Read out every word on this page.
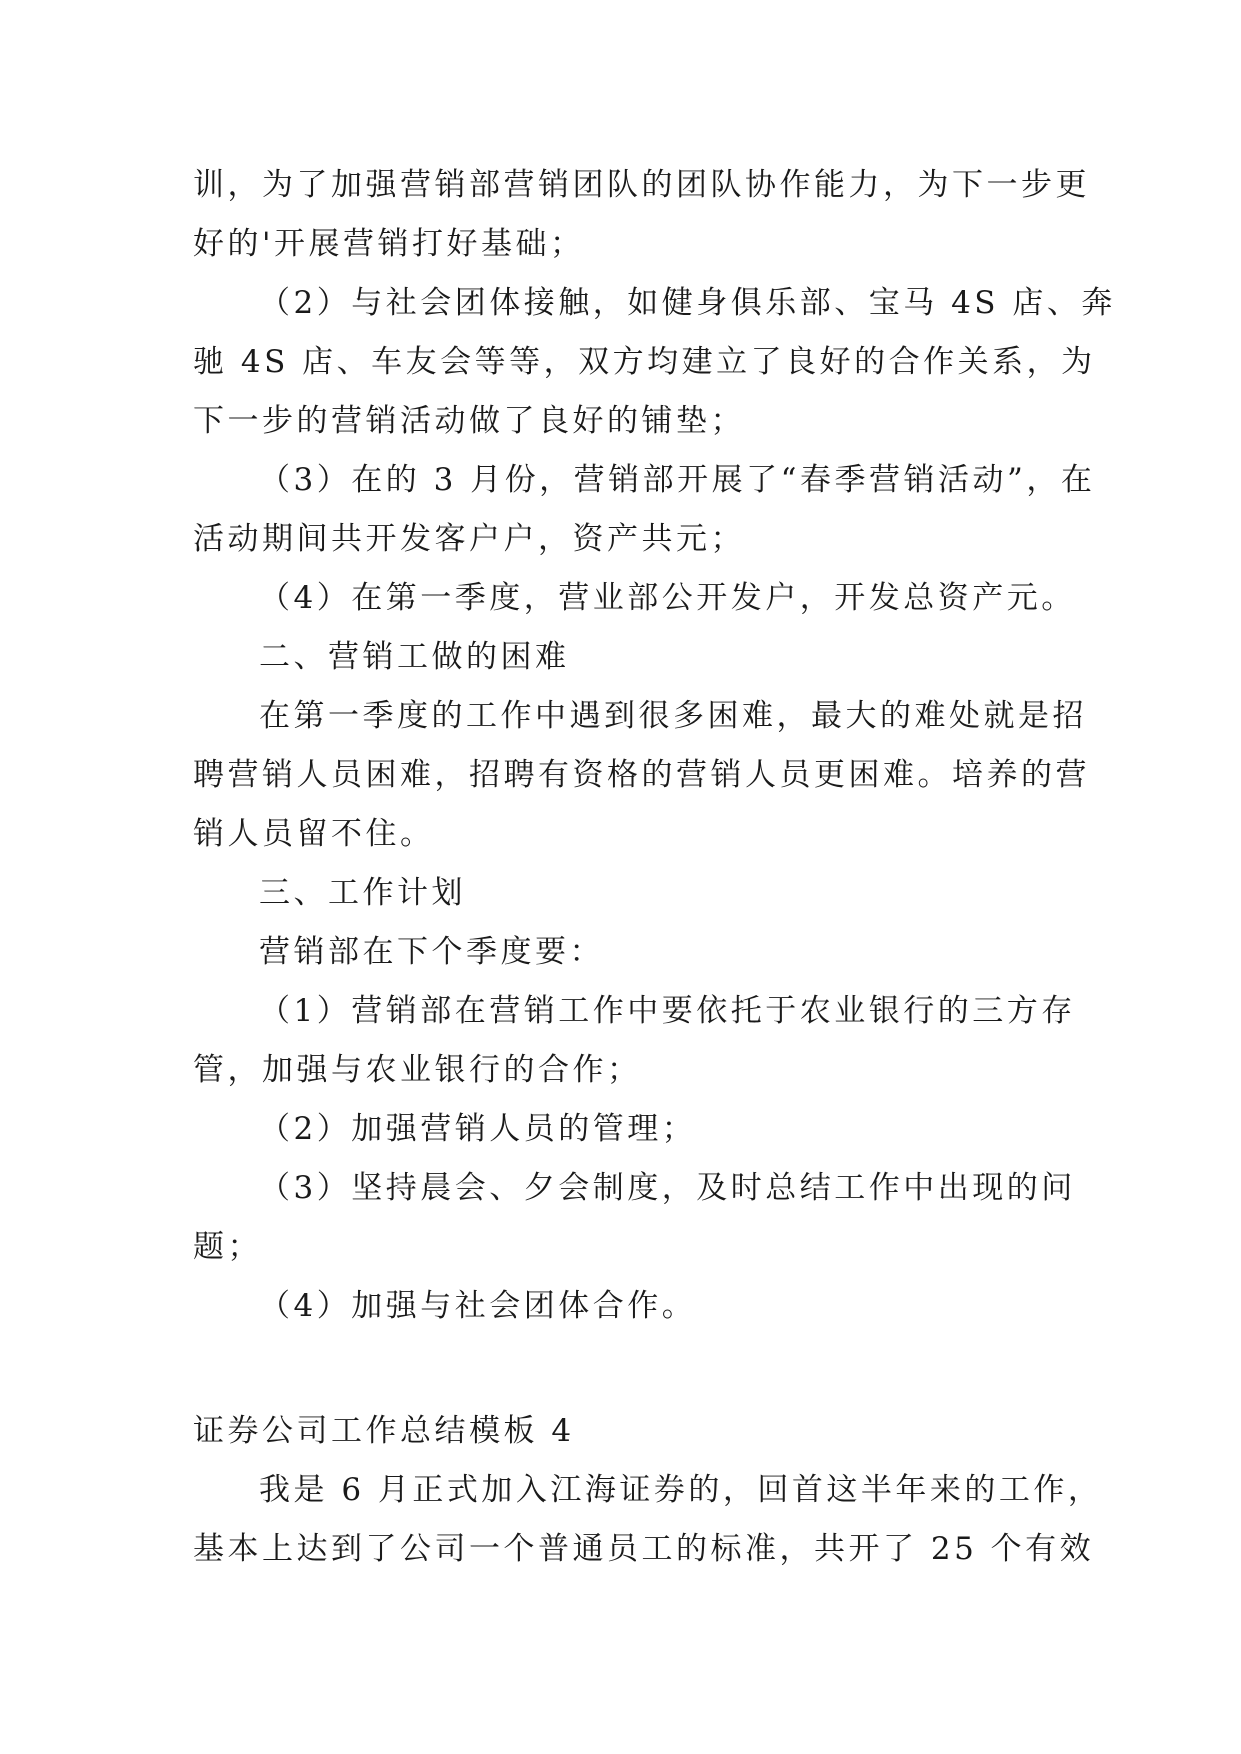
训，为了加强营销部营销团队的团队协作能力，为下一步更
好的'开展营销打好基础；
（2）与社会团体接触，如健身俱乐部、宝马 4S 店、奔
驰 4S 店、车友会等等，双方均建立了良好的合作关系，为
下一步的营销活动做了良好的铺垫；
（3）在的 3 月份，营销部开展了“春季营销活动”，在
活动期间共开发客户户，资产共元；
（4）在第一季度，营业部公开发户，开发总资产元。
二、营销工做的困难
在第一季度的工作中遇到很多困难，最大的难处就是招
聘营销人员困难，招聘有资格的营销人员更困难。培养的营
销人员留不住。
三、工作计划
营销部在下个季度要：
（1）营销部在营销工作中要依托于农业银行的三方存
管，加强与农业银行的合作；
（2）加强营销人员的管理；
（3）坚持晨会、夕会制度，及时总结工作中出现的问
题；
（4）加强与社会团体合作。
证券公司工作总结模板 4
我是 6 月正式加入江海证券的，回首这半年来的工作，
基本上达到了公司一个普通员工的标准，共开了 25 个有效
